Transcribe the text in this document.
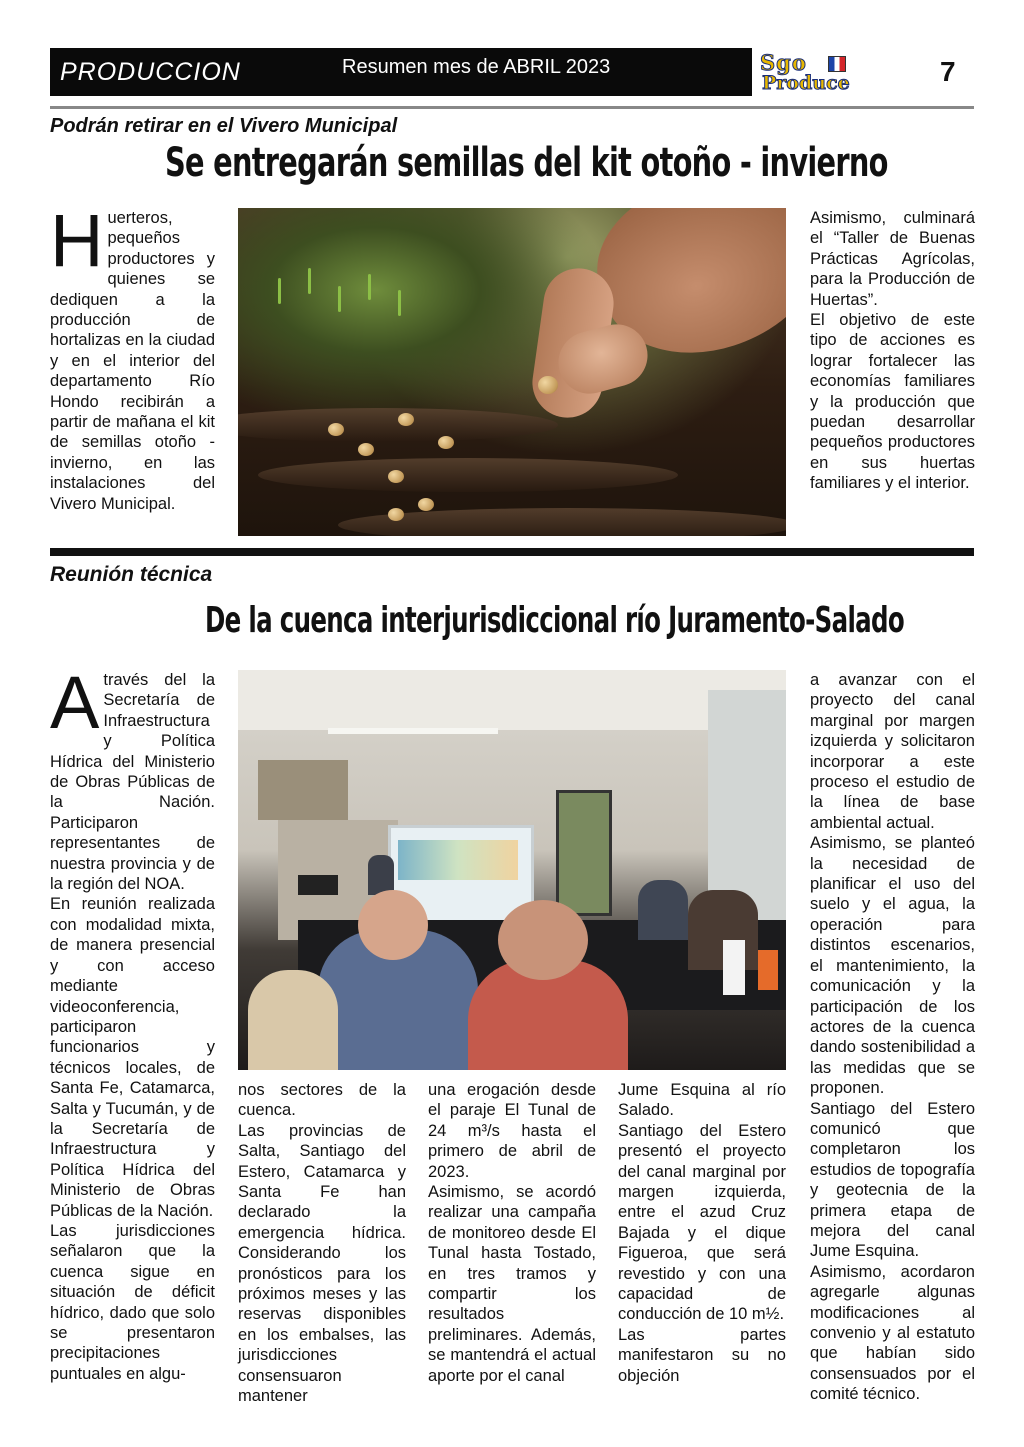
PRODUCCION	Resumen mes de ABRIL 2023	Sgo
Produce	7
Podrán retirar en el Vivero Municipal
Se entregarán semillas del kit otoño - invierno
H uerteros, pequeños productores y quienes se dediquen a la producción de hortalizas en la ciudad y en el interior del departamento Río Hondo recibirán a partir de mañana el kit de semillas otoño - invierno, en las instalaciones del Vivero Municipal.

Asimismo, culminará el “Taller de Buenas Prácticas Agrícolas, para la Producción de Huertas”.

El objetivo de este tipo de acciones es lograr fortalecer las economías familiares y la producción que puedan desarrollar pequeños productores en sus huertas familiares y el interior.

Reunión técnica
De la cuenca interjurisdiccional río Juramento-Salado
A través del la Secretaría de Infraestructura y Política Hídrica del Ministerio de Obras Públicas de la Nación. Participaron representantes de nuestra provincia y de la región del NOA.

En reunión realizada con modalidad mixta, de manera presencial y con acceso mediante videoconferencia, participaron funcionarios y técnicos locales, de Santa Fe, Catamarca, Salta y Tucumán, y de la Secretaría de Infraestructura y Política Hídrica del Ministerio de Obras Públicas de la Nación.

Las jurisdicciones señalaron que la cuenca sigue en situación de déficit hídrico, dado que solo se presentaron precipitaciones puntuales en algu-

nos sectores de la cuenca.

Las provincias de Salta, Santiago del Estero, Catamarca y Santa Fe han declarado la emergencia hídrica. Considerando los pronósticos para los próximos meses y las reservas disponibles en los embalses, las jurisdicciones consensuaron mantener

una erogación desde el paraje El Tunal de 24 m³/s hasta el primero de abril de 2023.

Asimismo, se acordó realizar una campaña de monitoreo desde El Tunal hasta Tostado, en tres tramos y compartir los resultados preliminares. Además, se mantendrá el actual aporte por el canal

Jume Esquina al río Salado.

Santiago del Estero presentó el proyecto del canal marginal por margen izquierda, entre el azud Cruz Bajada y el dique Figueroa, que será revestido y con una capacidad de conducción de 10 m½.

Las partes manifestaron su no objeción

a avanzar con el proyecto del canal marginal por margen izquierda y solicitaron incorporar a este proceso el estudio de la línea de base ambiental actual.

Asimismo, se planteó la necesidad de planificar el uso del suelo y el agua, la operación para distintos escenarios, el mantenimiento, la comunicación y la participación de los actores de la cuenca dando sostenibilidad a las medidas que se proponen.

Santiago del Estero comunicó que completaron los estudios de topografía y geotecnia de la primera etapa de mejora del canal Jume Esquina.

Asimismo, acordaron agregarle algunas modificaciones al convenio y al estatuto que habían sido consensuados por el comité técnico.
